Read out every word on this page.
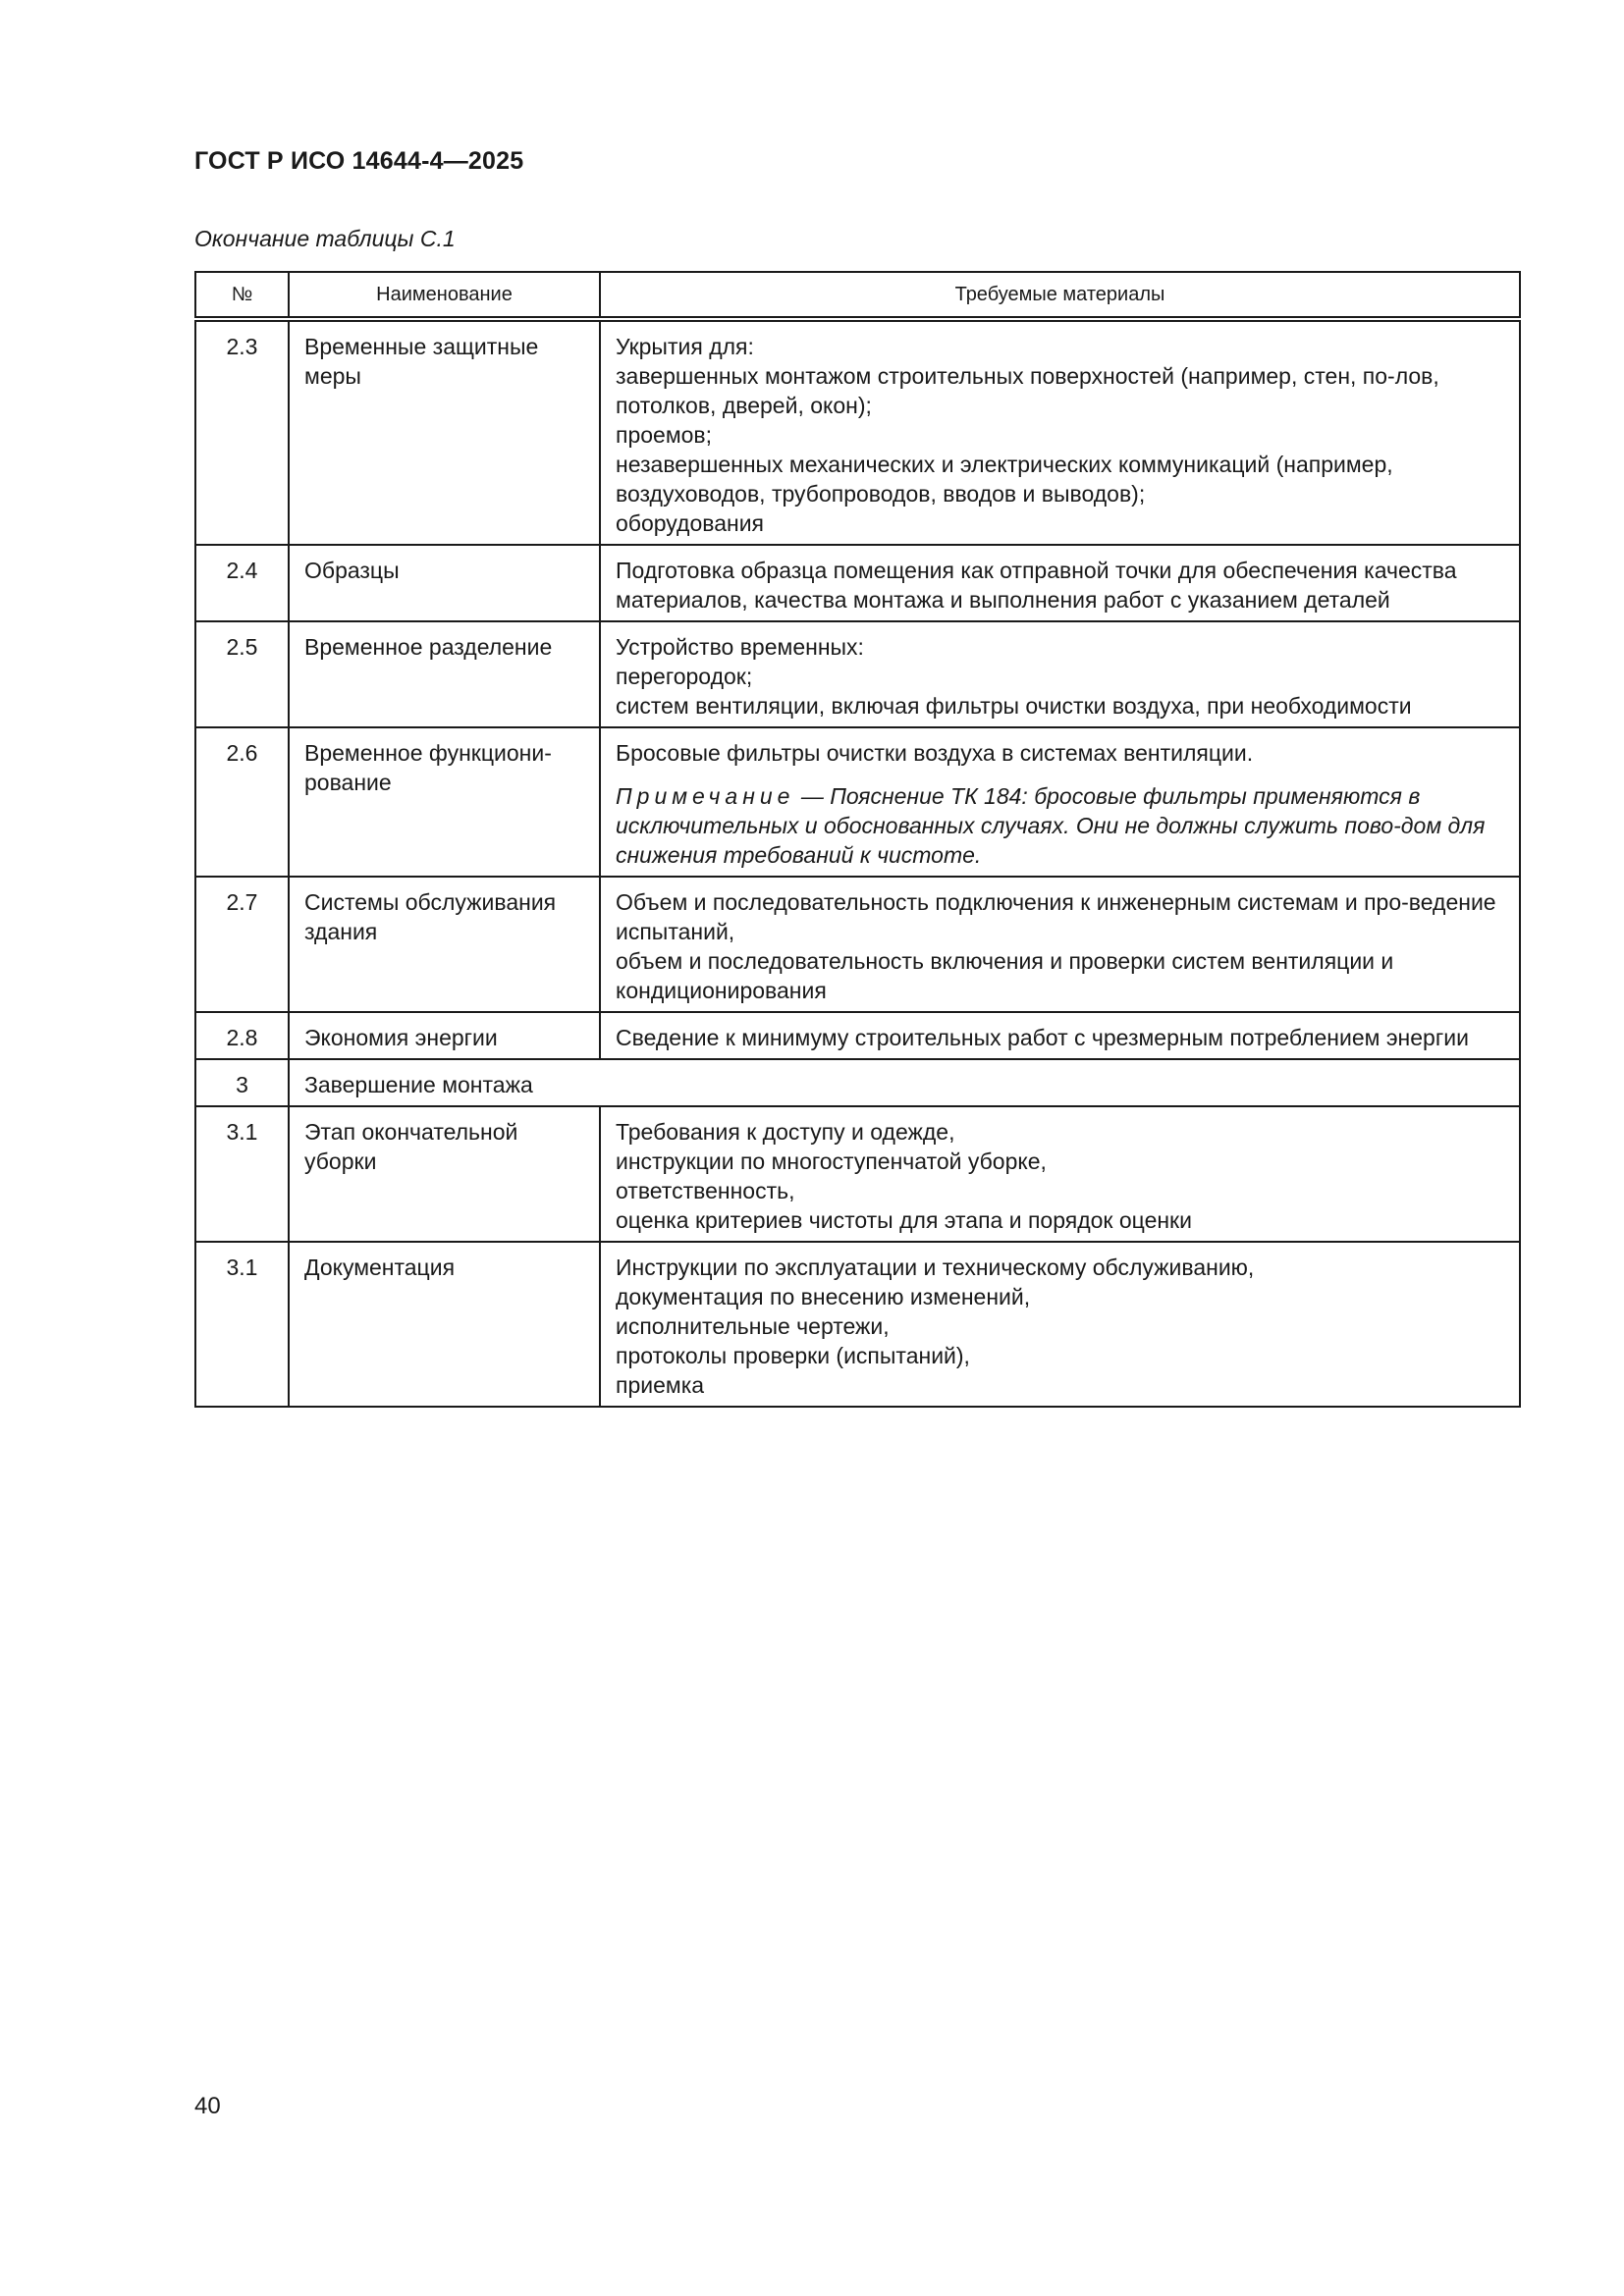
ГОСТ Р ИСО 14644-4—2025
Окончание таблицы С.1
№	Наименование	Требуемые материалы
2.3	Временные защитные меры	Укрытия для:
завершенных монтажом строительных поверхностей (например, стен, по-лов, потолков, дверей, окон);
проемов;
незавершенных механических и электрических коммуникаций (например, воздуховодов, трубопроводов, вводов и выводов);
оборудования

2.4	Образцы	Подготовка образца помещения как отправной точки для обеспечения качества материалов, качества монтажа и выполнения работ с указанием деталей

2.5	Временное разделение	Устройство временных:
перегородок;
систем вентиляции, включая фильтры очистки воздуха, при необходимости

2.6	Временное функциони-рование	Бросовые фильтры очистки воздуха в системах вентиляции.
Примечание — Пояснение ТК 184: бросовые фильтры применяются в исключительных и обоснованных случаях. Они не должны служить пово-дом для снижения требований к чистоте.

2.7	Системы обслуживания здания	Объем и последовательность подключения к инженерным системам и про-ведение испытаний,
объем и последовательность включения и проверки систем вентиляции и кондиционирования

2.8	Экономия энергии	Сведение к минимуму строительных работ с чрезмерным потреблением энергии

3	Завершение монтажа	
3.1	Этап окончательной уборки	Требования к доступу и одежде,
инструкции по многоступенчатой уборке,
ответственность,
оценка критериев чистоты для этапа и порядок оценки

3.1	Документация	Инструкции по эксплуатации и техническому обслуживанию,
документация по внесению изменений,
исполнительные чертежи,
протоколы проверки (испытаний),
приемка
40
